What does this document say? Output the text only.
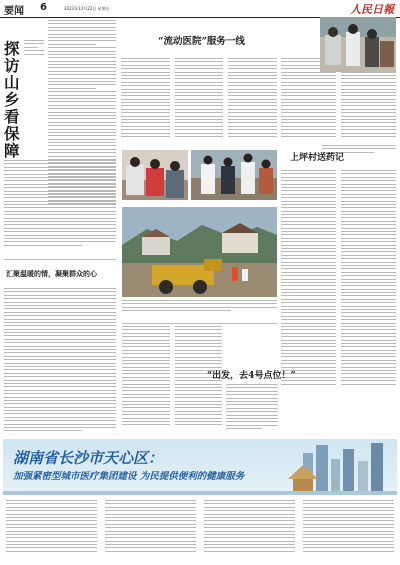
要闻 6	2023年12月22日 星期五	人民日報
探访山乡看保障
汇聚温暖的情，凝聚群众的心
“流动医院”服务一线
上坪村送药记
“出发，去4号点位！”
湖南省长沙市天心区：
加强紧密型城市医疗集团建设 为民提供便利的健康服务
